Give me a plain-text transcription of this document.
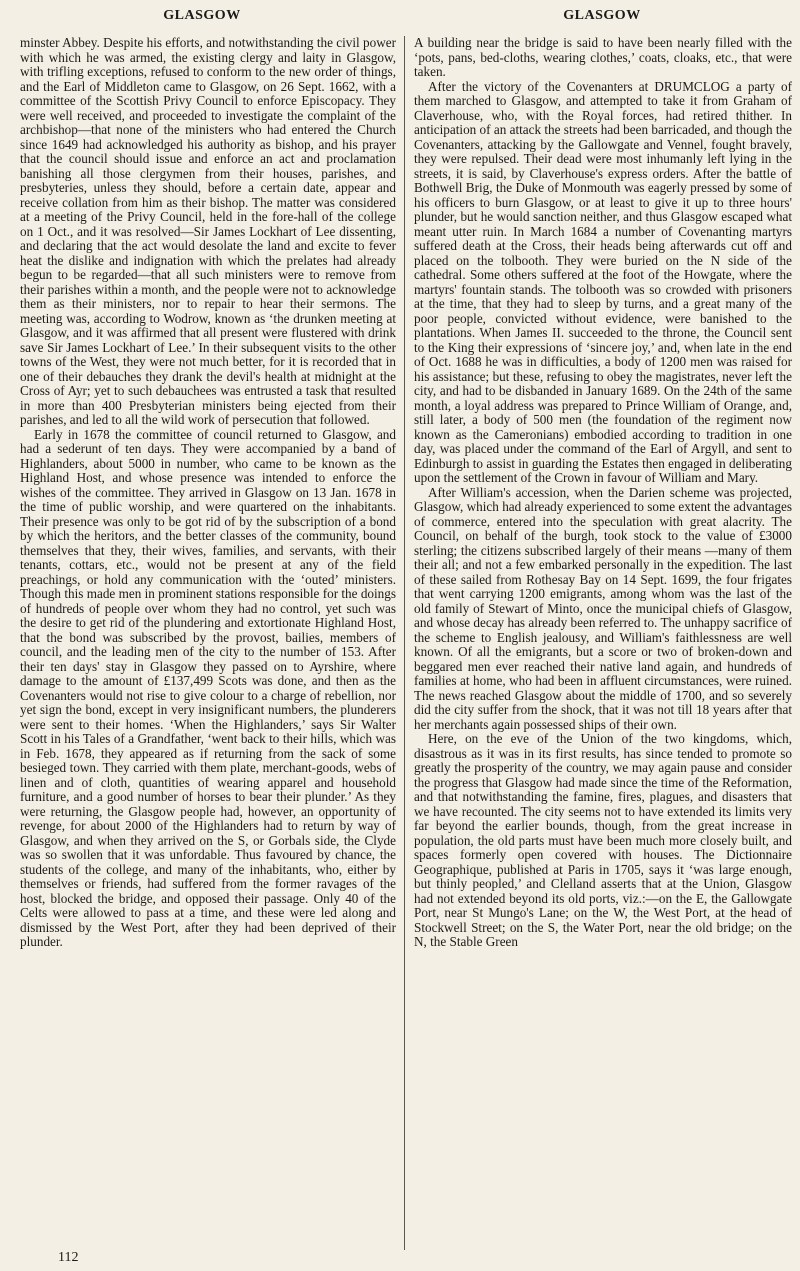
GLASGOW	GLASGOW

minster Abbey. Despite his efforts, and notwithstanding the civil power with which he was armed, the existing clergy and laity in Glasgow, with trifling exceptions, refused to conform to the new order of things, and the Earl of Middleton came to Glasgow, on 26 Sept. 1662, with a committee of the Scottish Privy Council to enforce Episcopacy. They were well received, and proceeded to investigate the complaint of the archbishop—that none of the ministers who had entered the Church since 1649 had acknowledged his authority as bishop, and his prayer that the council should issue and enforce an act and proclamation banishing all those clergymen from their houses, parishes, and presbyteries, unless they should, before a certain date, appear and receive collation from him as their bishop. The matter was considered at a meeting of the Privy Council, held in the fore-hall of the college on 1 Oct., and it was resolved—Sir James Lockhart of Lee dissenting, and declaring that the act would desolate the land and excite to fever heat the dislike and indignation with which the prelates had already begun to be regarded—that all such ministers were to remove from their parishes within a month, and the people were not to acknowledge them as their ministers, nor to repair to hear their sermons. The meeting was, according to Wodrow, known as ‘the drunken meeting at Glasgow, and it was affirmed that all present were flustered with drink save Sir James Lockhart of Lee.’ In their subsequent visits to the other towns of the West, they were not much better, for it is recorded that in one of their debauches they drank the devil's health at midnight at the Cross of Ayr; yet to such debauchees was entrusted a task that resulted in more than 400 Presbyterian ministers being ejected from their parishes, and led to all the wild work of persecution that followed.

Early in 1678 the committee of council returned to Glasgow, and had a sederunt of ten days. They were accompanied by a band of Highlanders, about 5000 in number, who came to be known as the Highland Host, and whose presence was intended to enforce the wishes of the committee. They arrived in Glasgow on 13 Jan. 1678 in the time of public worship, and were quartered on the inhabitants. Their presence was only to be got rid of by the subscription of a bond by which the heritors, and the better classes of the community, bound themselves that they, their wives, families, and servants, with their tenants, cottars, etc., would not be present at any of the field preachings, or hold any communication with the ‘outed’ ministers. Though this made men in prominent stations responsible for the doings of hundreds of people over whom they had no control, yet such was the desire to get rid of the plundering and extortionate Highland Host, that the bond was subscribed by the provost, bailies, members of council, and the leading men of the city to the number of 153. After their ten days' stay in Glasgow they passed on to Ayrshire, where damage to the amount of £137,499 Scots was done, and then as the Covenanters would not rise to give colour to a charge of rebellion, nor yet sign the bond, except in very insignificant numbers, the plunderers were sent to their homes. ‘When the Highlanders,’ says Sir Walter Scott in his Tales of a Grandfather, ‘went back to their hills, which was in Feb. 1678, they appeared as if returning from the sack of some besieged town. They carried with them plate, merchant-goods, webs of linen and of cloth, quantities of wearing apparel and household furniture, and a good number of horses to bear their plunder.’ As they were returning, the Glasgow people had, however, an opportunity of revenge, for about 2000 of the Highlanders had to return by way of Glasgow, and when they arrived on the S, or Gorbals side, the Clyde was so swollen that it was unfordable. Thus favoured by chance, the students of the college, and many of the inhabitants, who, either by themselves or friends, had suffered from the former ravages of the host, blocked the bridge, and opposed their passage. Only 40 of the Celts were allowed to pass at a time, and these were led along and dismissed by the West Port, after they had been deprived of their plunder.

A building near the bridge is said to have been nearly filled with the ‘pots, pans, bed-cloths, wearing clothes,’ coats, cloaks, etc., that were taken.

After the victory of the Covenanters at DRUMCLOG a party of them marched to Glasgow, and attempted to take it from Graham of Claverhouse, who, with the Royal forces, had retired thither. In anticipation of an attack the streets had been barricaded, and though the Covenanters, attacking by the Gallowgate and Vennel, fought bravely, they were repulsed. Their dead were most inhumanly left lying in the streets, it is said, by Claverhouse's express orders. After the battle of Bothwell Brig, the Duke of Monmouth was eagerly pressed by some of his officers to burn Glasgow, or at least to give it up to three hours' plunder, but he would sanction neither, and thus Glasgow escaped what meant utter ruin. In March 1684 a number of Covenanting martyrs suffered death at the Cross, their heads being afterwards cut off and placed on the tolbooth. They were buried on the N side of the cathedral. Some others suffered at the foot of the Howgate, where the martyrs' fountain stands. The tolbooth was so crowded with prisoners at the time, that they had to sleep by turns, and a great many of the poor people, convicted without evidence, were banished to the plantations. When James II. succeeded to the throne, the Council sent to the King their expressions of ‘sincere joy,’ and, when late in the end of Oct. 1688 he was in difficulties, a body of 1200 men was raised for his assistance; but these, refusing to obey the magistrates, never left the city, and had to be disbanded in January 1689. On the 24th of the same month, a loyal address was prepared to Prince William of Orange, and, still later, a body of 500 men (the foundation of the regiment now known as the Cameronians) embodied according to tradition in one day, was placed under the command of the Earl of Argyll, and sent to Edinburgh to assist in guarding the Estates then engaged in deliberating upon the settlement of the Crown in favour of William and Mary.

After William's accession, when the Darien scheme was projected, Glasgow, which had already experienced to some extent the advantages of commerce, entered into the speculation with great alacrity. The Council, on behalf of the burgh, took stock to the value of £3000 sterling; the citizens subscribed largely of their means —many of them their all; and not a few embarked personally in the expedition. The last of these sailed from Rothesay Bay on 14 Sept. 1699, the four frigates that went carrying 1200 emigrants, among whom was the last of the old family of Stewart of Minto, once the municipal chiefs of Glasgow, and whose decay has already been referred to. The unhappy sacrifice of the scheme to English jealousy, and William's faithlessness are well known. Of all the emigrants, but a score or two of broken-down and beggared men ever reached their native land again, and hundreds of families at home, who had been in affluent circumstances, were ruined. The news reached Glasgow about the middle of 1700, and so severely did the city suffer from the shock, that it was not till 18 years after that her merchants again possessed ships of their own.

Here, on the eve of the Union of the two kingdoms, which, disastrous as it was in its first results, has since tended to promote so greatly the prosperity of the country, we may again pause and consider the progress that Glasgow had made since the time of the Reformation, and that notwithstanding the famine, fires, plagues, and disasters that we have recounted. The city seems not to have extended its limits very far beyond the earlier bounds, though, from the great increase in population, the old parts must have been much more closely built, and spaces formerly open covered with houses. The Dictionnaire Geographique, published at Paris in 1705, says it ‘was large enough, but thinly peopled,’ and Clelland asserts that at the Union, Glasgow had not extended beyond its old ports, viz.:—on the E, the Gallowgate Port, near St Mungo's Lane; on the W, the West Port, at the head of Stockwell Street; on the S, the Water Port, near the old bridge; on the N, the Stable Green

112
